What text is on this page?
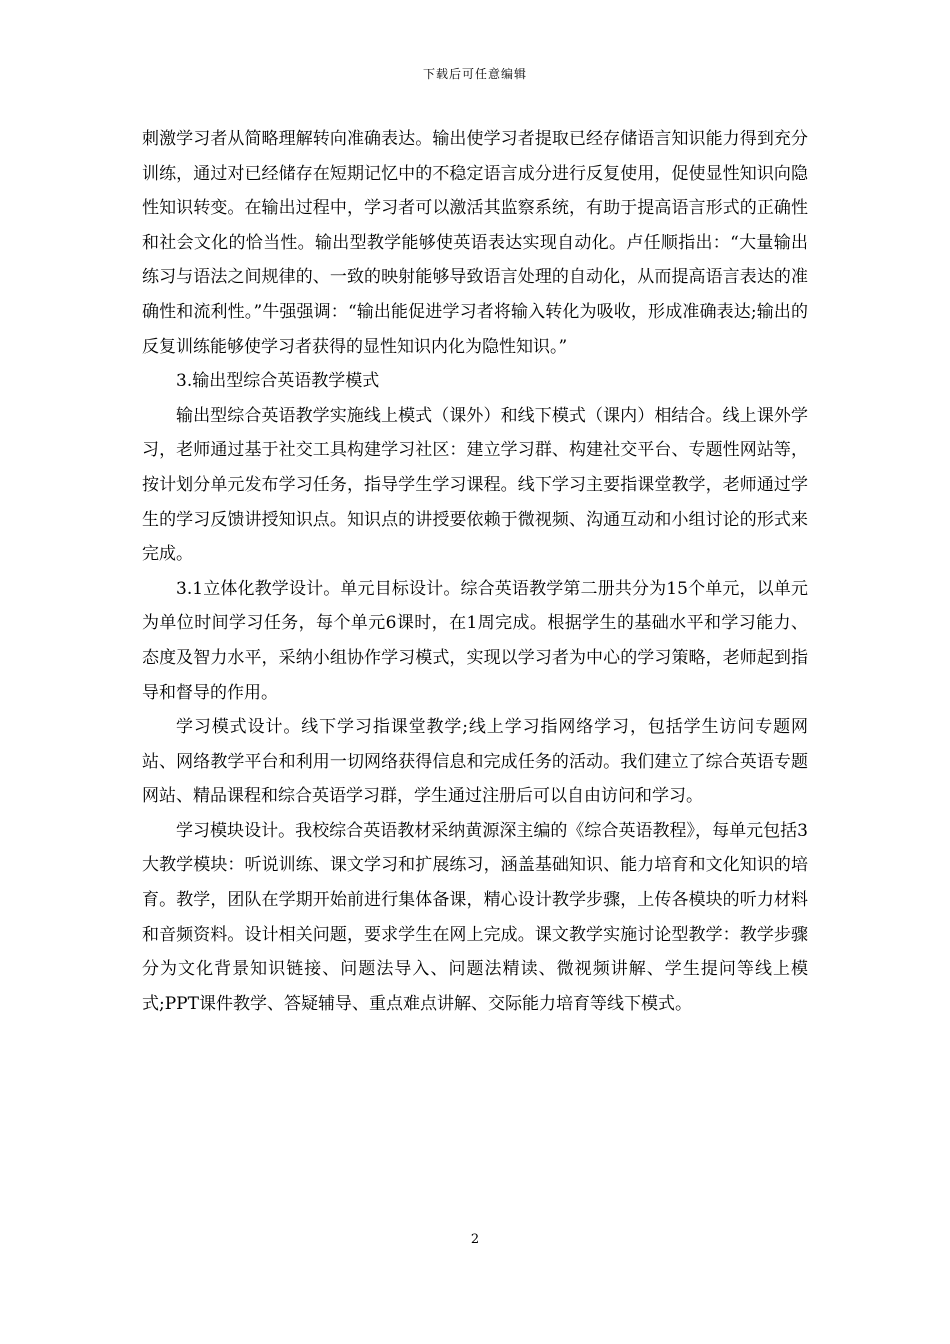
下载后可任意编辑

刺激学习者从简略理解转向准确表达。输出使学习者提取已经存储语言知识能力得到充分训练，通过对已经储存在短期记忆中的不稳定语言成分进行反复使用，促使显性知识向隐性知识转变。在输出过程中，学习者可以激活其监察系统，有助于提高语言形式的正确性和社会文化的恰当性。输出型教学能够使英语表达实现自动化。卢任顺指出：“大量输出练习与语法之间规律的、一致的映射能够导致语言处理的自动化，从而提高语言表达的准确性和流利性。”牛强强调：“输出能促进学习者将输入转化为吸收，形成准确表达;输出的反复训练能够使学习者获得的显性知识内化为隐性知识。”

3.输出型综合英语教学模式

输出型综合英语教学实施线上模式（课外）和线下模式（课内）相结合。线上课外学习，老师通过基于社交工具构建学习社区：建立学习群、构建社交平台、专题性网站等，按计划分单元发布学习任务，指导学生学习课程。线下学习主要指课堂教学，老师通过学生的学习反馈讲授知识点。知识点的讲授要依赖于微视频、沟通互动和小组讨论的形式来完成。

3.1立体化教学设计。单元目标设计。综合英语教学第二册共分为15个单元，以单元为单位时间学习任务，每个单元6课时，在1周完成。根据学生的基础水平和学习能力、态度及智力水平，采纳小组协作学习模式，实现以学习者为中心的学习策略，老师起到指导和督导的作用。

学习模式设计。线下学习指课堂教学;线上学习指网络学习，包括学生访问专题网站、网络教学平台和利用一切网络获得信息和完成任务的活动。我们建立了综合英语专题网站、精品课程和综合英语学习群，学生通过注册后可以自由访问和学习。

学习模块设计。我校综合英语教材采纳黄源深主编的《综合英语教程》，每单元包括3大教学模块：听说训练、课文学习和扩展练习，涵盖基础知识、能力培育和文化知识的培育。教学，团队在学期开始前进行集体备课，精心设计教学步骤，上传各模块的听力材料和音频资料。设计相关问题，要求学生在网上完成。课文教学实施讨论型教学：教学步骤分为文化背景知识链接、问题法导入、问题法精读、微视频讲解、学生提问等线上模式;PPT课件教学、答疑辅导、重点难点讲解、交际能力培育等线下模式。

2
